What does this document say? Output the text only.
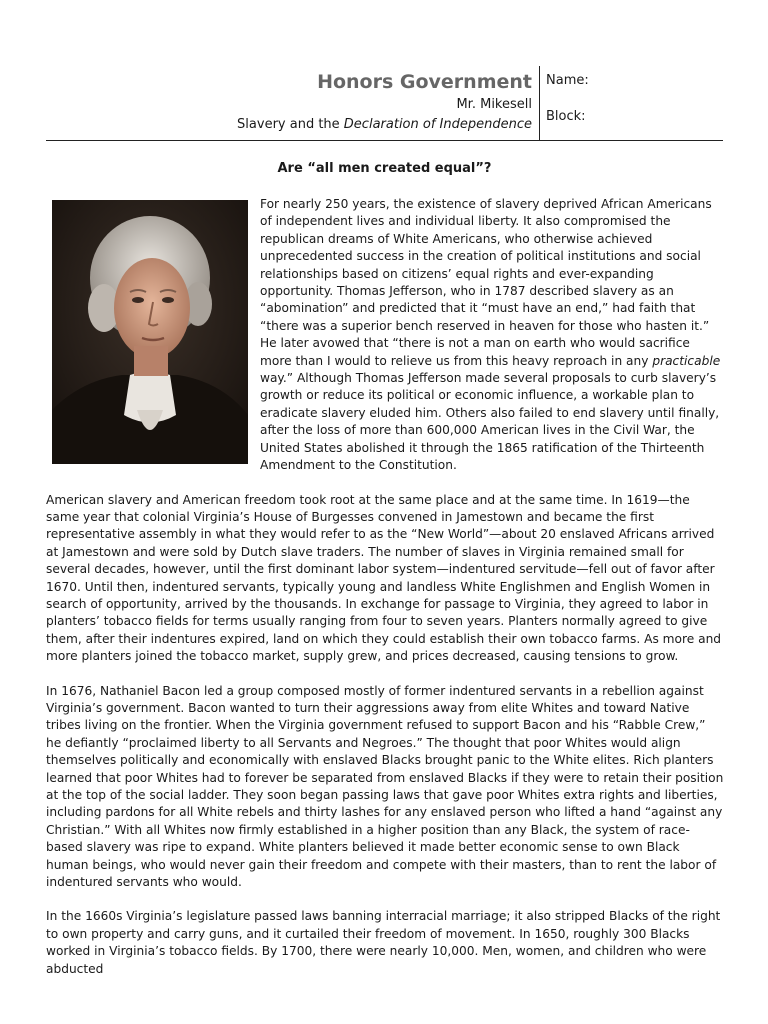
Honors Government
Mr. Mikesell
Slavery and the Declaration of Independence
Name:
Block:
Are “all men created equal”?

For nearly 250 years, the existence of slavery deprived African Americans of independent lives and individual liberty. It also compromised the republican dreams of White Americans, who otherwise achieved unprecedented success in the creation of political institutions and social relationships based on citizens’ equal rights and ever-expanding opportunity. Thomas Jefferson, who in 1787 described slavery as an “abomination” and predicted that it “must have an end,” had faith that “there was a superior bench reserved in heaven for those who hasten it.” He later avowed that “there is not a man on earth who would sacrifice more than I would to relieve us from this heavy reproach in any practicable way.” Although Thomas Jefferson made several proposals to curb slavery’s growth or reduce its political or economic influence, a workable plan to eradicate slavery eluded him. Others also failed to end slavery until finally, after the loss of more than 600,000 American lives in the Civil War, the United States abolished it through the 1865 ratification of the Thirteenth Amendment to the Constitution.

American slavery and American freedom took root at the same place and at the same time. In 1619—the same year that colonial Virginia’s House of Burgesses convened in Jamestown and became the first representative assembly in what they would refer to as the “New World”—about 20 enslaved Africans arrived at Jamestown and were sold by Dutch slave traders. The number of slaves in Virginia remained small for several decades, however, until the first dominant labor system—indentured servitude—fell out of favor after 1670. Until then, indentured servants, typically young and landless White Englishmen and English Women in search of opportunity, arrived by the thousands. In exchange for passage to Virginia, they agreed to labor in planters’ tobacco fields for terms usually ranging from four to seven years. Planters normally agreed to give them, after their indentures expired, land on which they could establish their own tobacco farms. As more and more planters joined the tobacco market, supply grew, and prices decreased, causing tensions to grow.

In 1676, Nathaniel Bacon led a group composed mostly of former indentured servants in a rebellion against Virginia’s government. Bacon wanted to turn their aggressions away from elite Whites and toward Native tribes living on the frontier. When the Virginia government refused to support Bacon and his “Rabble Crew,” he defiantly “proclaimed liberty to all Servants and Negroes.” The thought that poor Whites would align themselves politically and economically with enslaved Blacks brought panic to the White elites. Rich planters learned that poor Whites had to forever be separated from enslaved Blacks if they were to retain their position at the top of the social ladder. They soon began passing laws that gave poor Whites extra rights and liberties, including pardons for all White rebels and thirty lashes for any enslaved person who lifted a hand “against any Christian.” With all Whites now firmly established in a higher position than any Black, the system of race-based slavery was ripe to expand. White planters believed it made better economic sense to own Black human beings, who would never gain their freedom and compete with their masters, than to rent the labor of indentured servants who would.

In the 1660s Virginia’s legislature passed laws banning interracial marriage; it also stripped Blacks of the right to own property and carry guns, and it curtailed their freedom of movement. In 1650, roughly 300 Blacks worked in Virginia’s tobacco fields. By 1700, there were nearly 10,000. Men, women, and children who were abducted
